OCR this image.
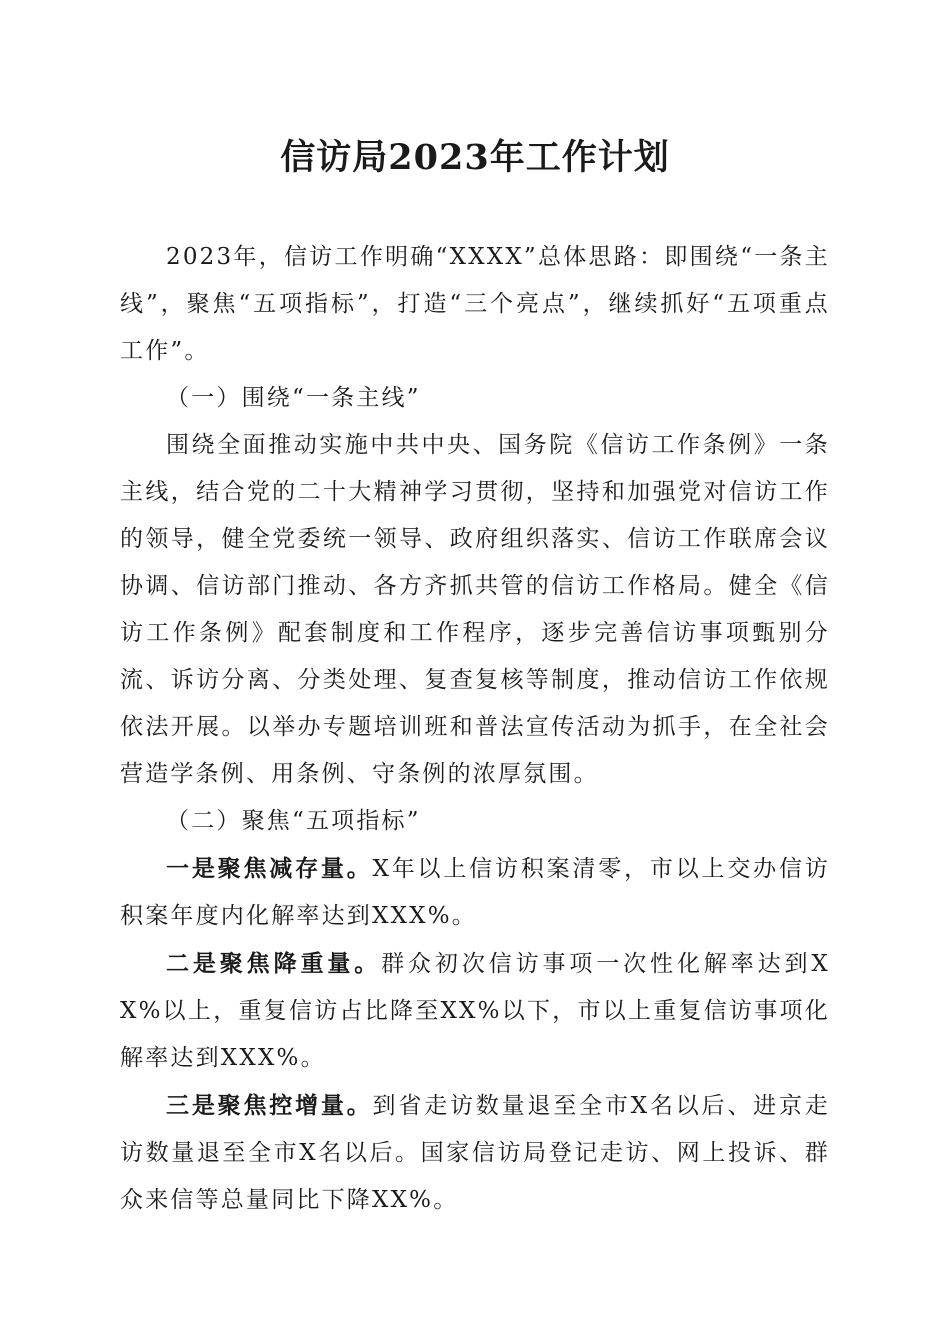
信访局2023年工作计划

2023年，信访工作明确“XXXX”总体思路：即围绕“一条主线”，聚焦“五项指标”，打造“三个亮点”，继续抓好“五项重点工作”。

（一）围绕“一条主线”

围绕全面推动实施中共中央、国务院《信访工作条例》一条主线，结合党的二十大精神学习贯彻，坚持和加强党对信访工作的领导，健全党委统一领导、政府组织落实、信访工作联席会议协调、信访部门推动、各方齐抓共管的信访工作格局。健全《信访工作条例》配套制度和工作程序，逐步完善信访事项甄别分流、诉访分离、分类处理、复查复核等制度，推动信访工作依规依法开展。以举办专题培训班和普法宣传活动为抓手，在全社会营造学条例、用条例、守条例的浓厚氛围。

（二）聚焦“五项指标”

一是聚焦减存量。X年以上信访积案清零，市以上交办信访积案年度内化解率达到XXX%。

二是聚焦降重量。群众初次信访事项一次性化解率达到XX%以上，重复信访占比降至XX%以下，市以上重复信访事项化解率达到XXX%。

三是聚焦控增量。到省走访数量退至全市X名以后、进京走访数量退至全市X名以后。国家信访局登记走访、网上投诉、群众来信等总量同比下降XX%。
